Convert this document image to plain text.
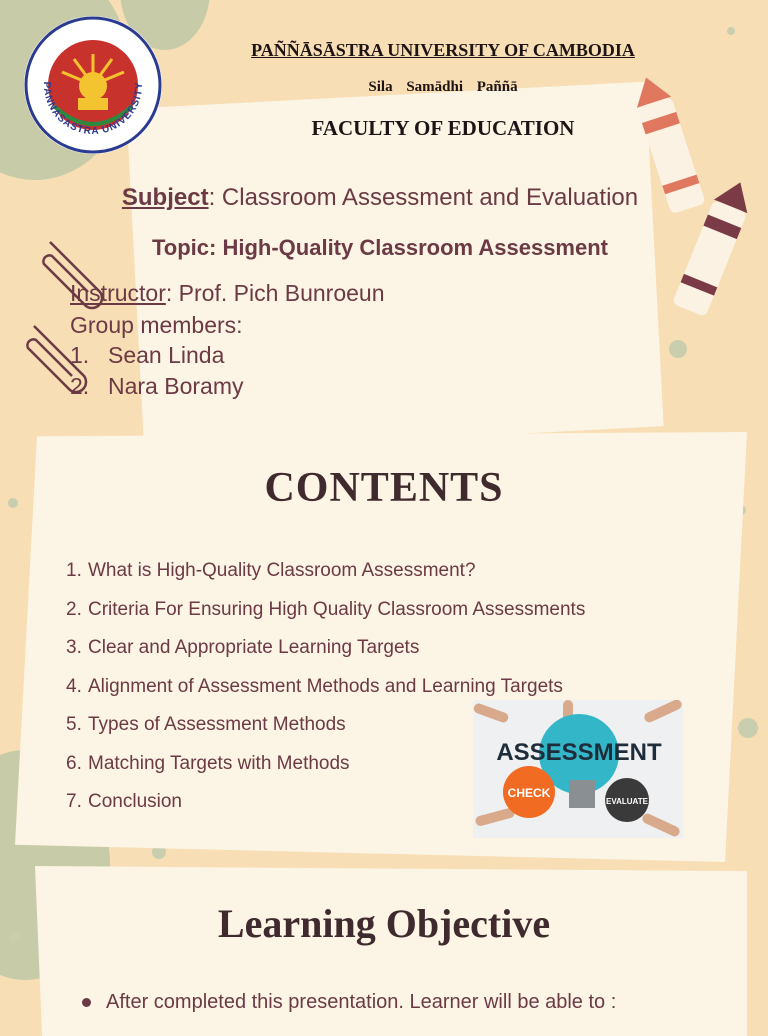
PANNASASTRA UNIVERSITY
PAÑÑĀSĀSTRA UNIVERSITY OF CAMBODIA
Sila Samādhi Paññā
FACULTY OF EDUCATION
Subject: Classroom Assessment and Evaluation
Topic: High-Quality Classroom Assessment
Instructor: Prof. Pich Bunroeun
Group members:
1. Sean Linda
2. Nara Boramy
CONTENTS
1. What is High-Quality Classroom Assessment?
2. Criteria For Ensuring High Quality Classroom Assessments
3. Clear and Appropriate Learning Targets
4. Alignment of Assessment Methods and Learning Targets
5. Types of Assessment Methods
6. Matching Targets with Methods
7. Conclusion
ASSESSMENT
CHECK
EVALUATE
Learning Objective
After completed this presentation. Learner will be able to :
